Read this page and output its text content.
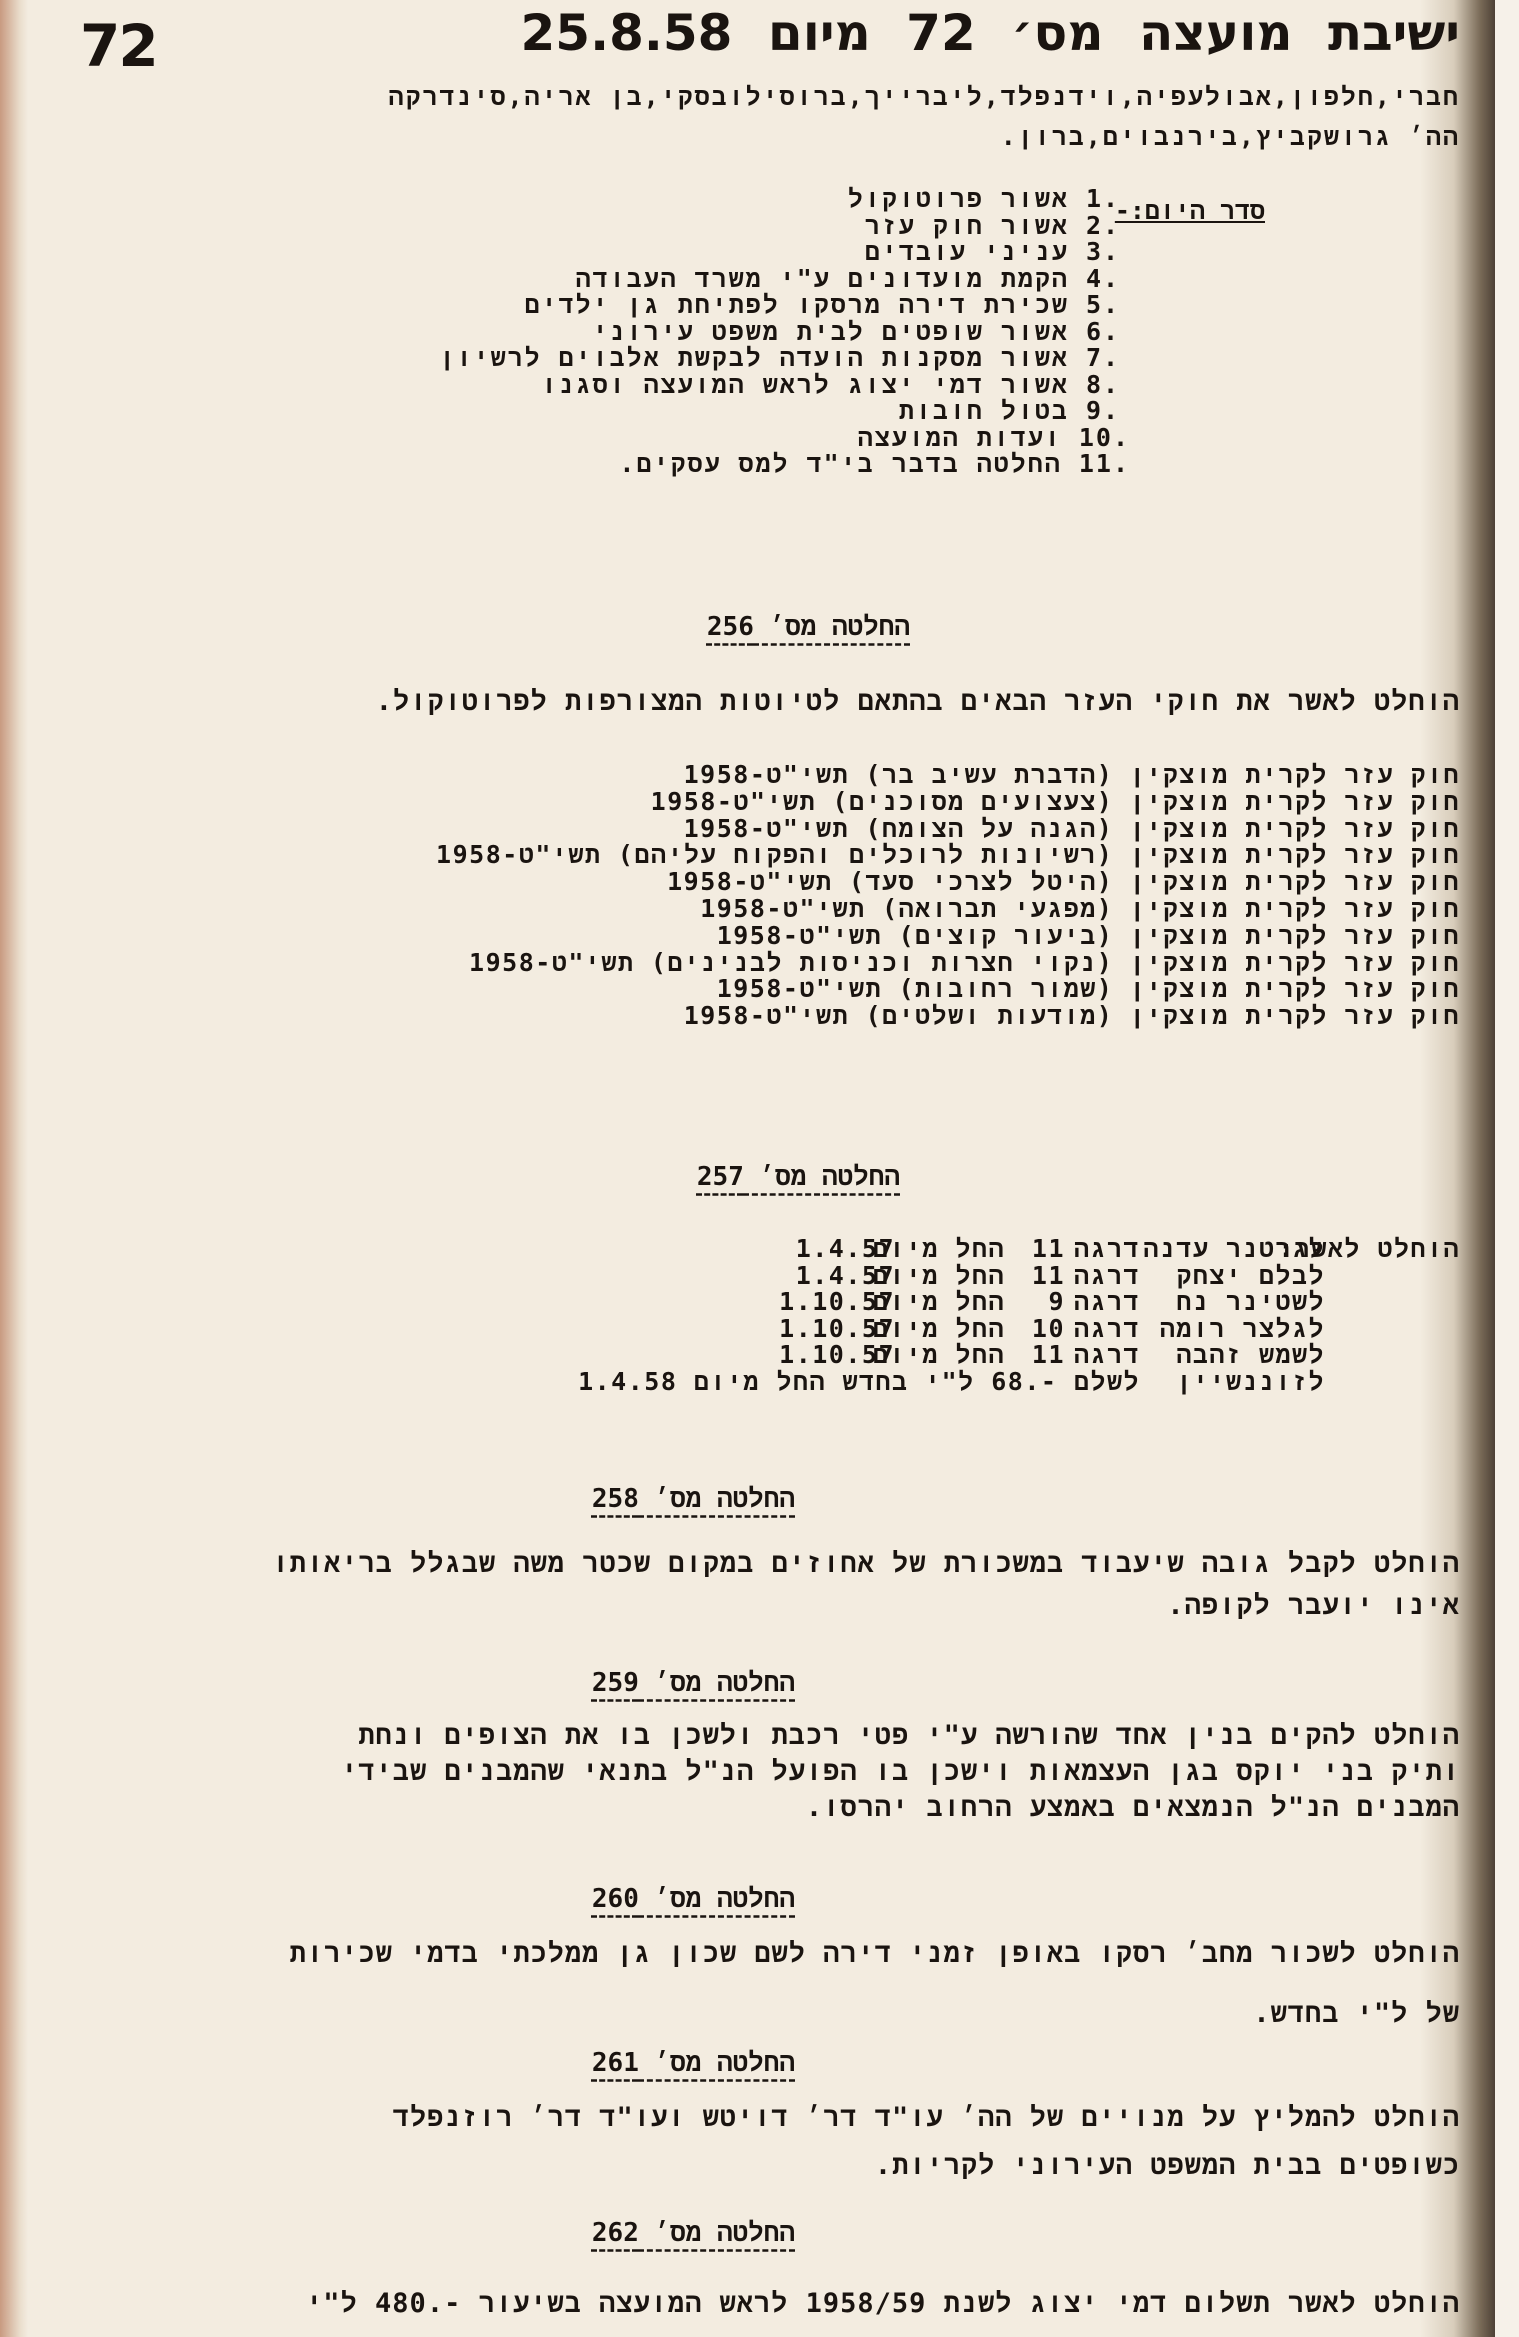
72	ישיבת מועצה מס׳ 72 מיום 25.8.58
חברי,חלפון,אבולעפיה,וידנפלד,ליברייך,ברוסילובסקי,בן אריה,סינדרקה
הה׳ גרושקביץ,בירנבוים,ברון.
סדר היום:-
1. אשור פרוטוקול
2. אשור חוק עזר
3. עניני עובדים
4. הקמת מועדונים ע"י משרד העבודה
5. שכירת דירה מרסקו לפתיחת גן ילדים
6. אשור שופטים לבית משפט עירוני
7. אשור מסקנות הועדה לבקשת אלבוים לרשיון
8. אשור דמי יצוג לראש המועצה וסגנו
9. בטול חובות
10. ועדות המועצה
11. החלטה בדבר בי"ד למס עסקים.
החלטה מס׳ 256
הוחלט לאשר את חוקי העזר הבאים בהתאם לטיוטות המצורפות לפרוטוקול.
חוק עזר לקרית מוצקין (הדברת עשיב בר) תשי"ט-1958
חוק עזר לקרית מוצקין (צעצועים מסוכנים) תשי"ט-1958
חוק עזר לקרית מוצקין (הגנה על הצומח) תשי"ט-1958
חוק עזר לקרית מוצקין (רשיונות לרוכלים והפקוח עליהם) תשי"ט-1958
חוק עזר לקרית מוצקין (היטל לצרכי סעד) תשי"ט-1958
חוק עזר לקרית מוצקין (מפגעי תברואה) תשי"ט-1958
חוק עזר לקרית מוצקין (ביעור קוצים) תשי"ט-1958
חוק עזר לקרית מוצקין (נקוי חצרות וכניסות לבנינים) תשי"ט-1958
חוק עזר לקרית מוצקין (שמור רחובות) תשי"ט-1958
חוק עזר לקרית מוצקין (מודעות ושלטים) תשי"ט-1958
החלטה מס׳ 257
הוחלט לאשר:
לגרטנר עדנה
דרגה
11
החל מיום
1.4.57
לבלם יצחק
דרגה
11
החל מיום
1.4.57
לשטינר נח
דרגה
9
החל מיום
1.10.57
לגלצר רומה
דרגה
10
החל מיום
1.10.57
לשמש זהבה
דרגה
11
החל מיום
1.10.57
לזוננשיין
לשלם -.68 ל"י בחדש החל מיום 1.4.58
החלטה מס׳ 258
הוחלט לקבל גובה שיעבוד במשכורת של אחוזים במקום שכטר משה שבגלל בריאותו
אינו יועבר לקופה.
החלטה מס׳ 259
הוחלט להקים בנין אחד שהורשה ע"י פטי רכבת ולשכן בו את הצופים ונחת
ותיק בני יוקס בגן העצמאות וישכן בו הפועל הנ"ל בתנאי שהמבנים שבידי
המבנים הנ"ל הנמצאים באמצע הרחוב יהרסו.
החלטה מס׳ 260
הוחלט לשכור מחב׳ רסקו באופן זמני דירה לשם שכון גן ממלכתי בדמי שכירות
של ל"י בחדש.
החלטה מס׳ 261
הוחלט להמליץ על מנויים של הה׳ עו"ד דר׳ דויטש ועו"ד דר׳ רוזנפלד
כשופטים בבית המשפט העירוני לקריות.
החלטה מס׳ 262
הוחלט לאשר תשלום דמי יצוג לשנת 1958/59 לראש המועצה בשיעור -.480 ל"י
